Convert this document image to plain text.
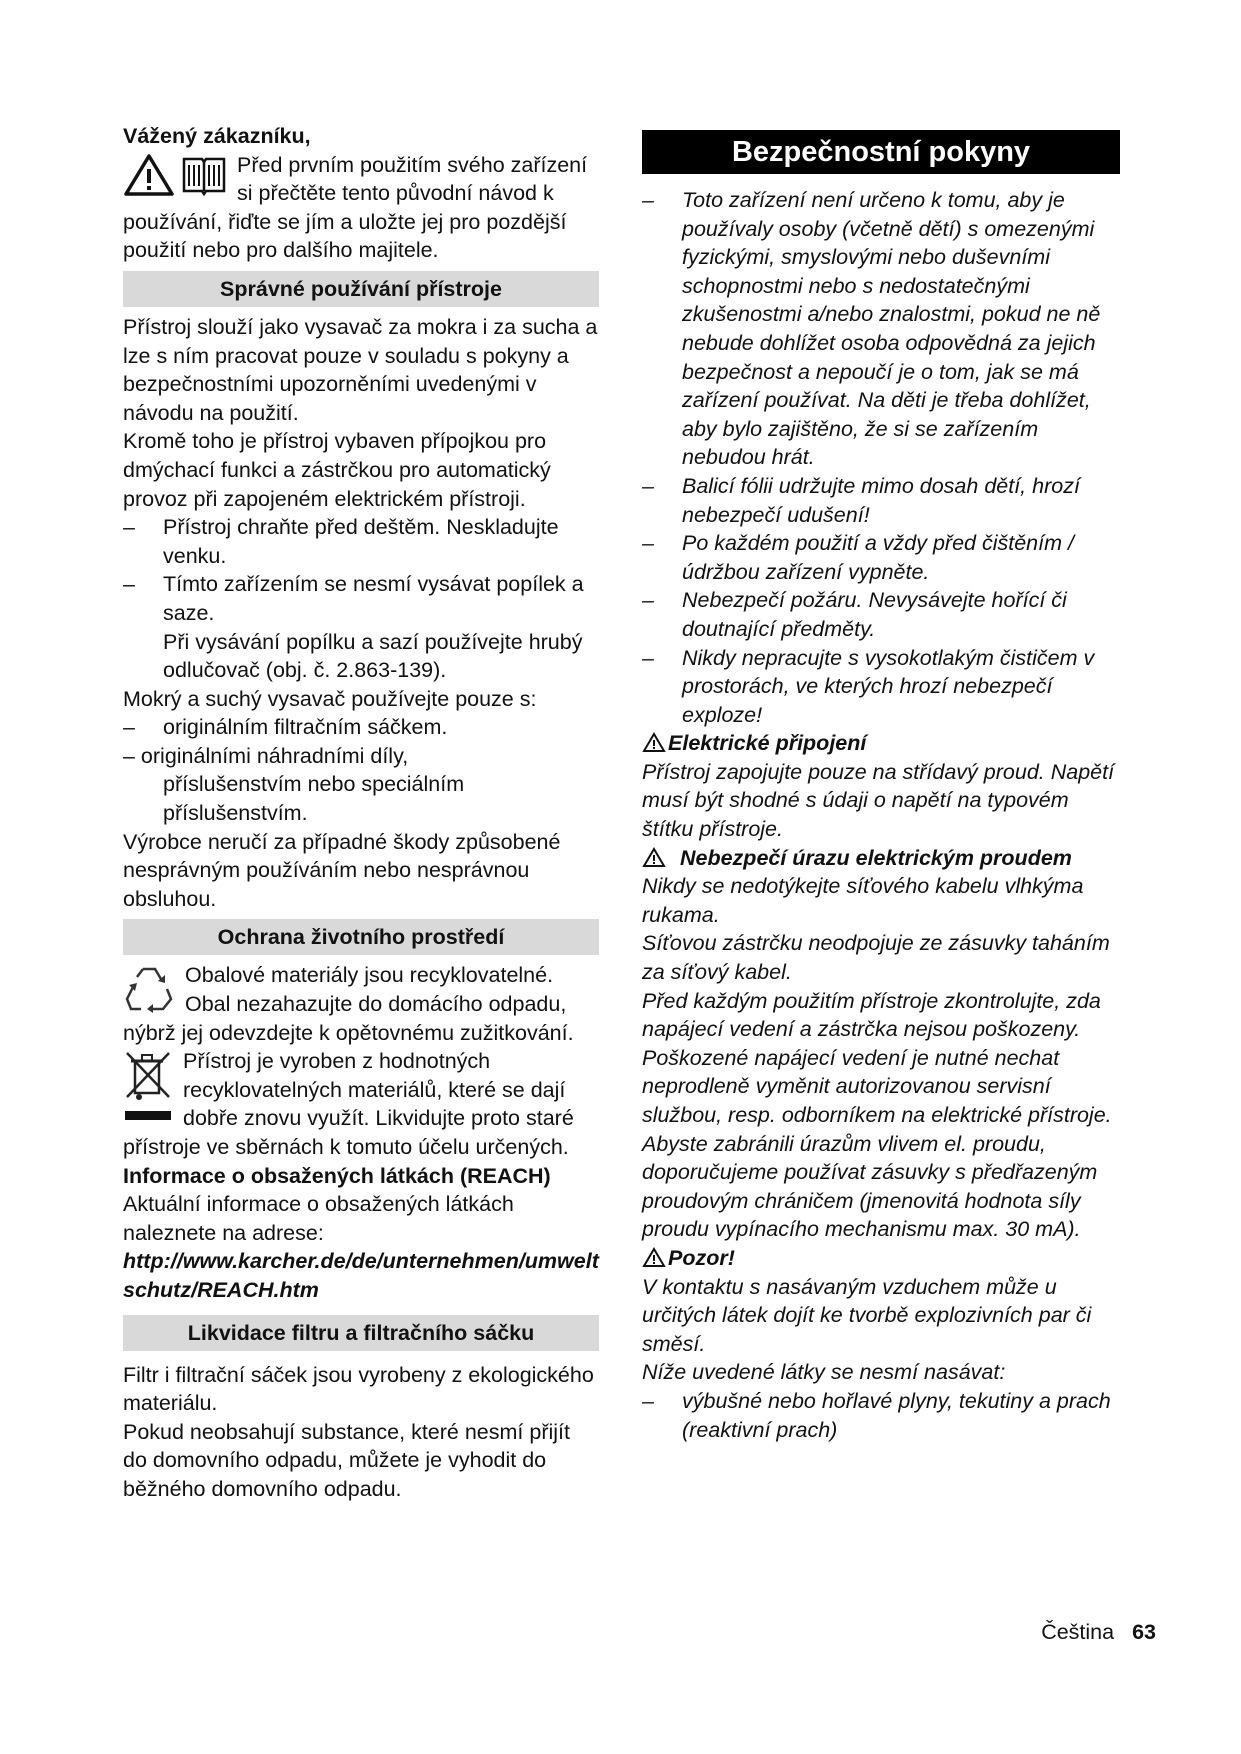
Vážený zákazníku,

Před prvním použitím svého zařízení si přečtěte tento původní návod k používání, řiďte se jím a uložte jej pro pozdější použití nebo pro dalšího majitele.
Správné používání přístroje

Přístroj slouží jako vysavač za mokra i za sucha a lze s ním pracovat pouze v souladu s pokyny a bezpečnostními upozorněními uvedenými v návodu na použití.

Kromě toho je přístroj vybaven přípojkou pro dmýchací funkci a zástrčkou pro automatický provoz při zapojeném elektrickém přístroji.

–	Přístroj chraňte před deštěm. Neskladujte venku.
–	Tímto zařízením se nesmí vysávat popílek a saze.

Při vysávání popílku a sazí používejte hrubý odlučovač (obj. č. 2.863-139).

Mokrý a suchý vysavač používejte pouze s:

–	originálním filtračním sáčkem.

– originálními náhradními díly,

příslušenstvím nebo speciálním příslušenstvím.

Výrobce neručí za případné škody způsobené nesprávným používáním nebo nesprávnou obsluhou.

Ochrana životního prostředí
Obalové materiály jsou recyklovatelné. Obal nezahazujte do domácího odpadu, nýbrž jej odevzdejte k opětovnému zužitkování.
Přístroj je vyroben z hodnotných recyklovatelných materiálů, které se dají dobře znovu využít. Likvidujte proto staré přístroje ve sběrnách k tomuto účelu určených.

Informace o obsažených látkách (REACH)

Aktuální informace o obsažených látkách naleznete na adrese:

http://www.karcher.de/de/unternehmen/umweltschutz/REACH.htm

Likvidace filtru a filtračního sáčku

Filtr i filtrační sáček jsou vyrobeny z ekologického materiálu.

Pokud neobsahují substance, které nesmí přijít do domovního odpadu, můžete je vyhodit do běžného domovního odpadu.

Bezpečnostní pokyny
–	Toto zařízení není určeno k tomu, aby je používaly osoby (včetně dětí) s omezenými fyzickými, smyslovými nebo duševními schopnostmi nebo s nedostatečnými zkušenostmi a/nebo znalostmi, pokud ne ně nebude dohlížet osoba odpovědná za jejich bezpečnost a nepoučí je o tom, jak se má zařízení používat. Na děti je třeba dohlížet, aby bylo zajištěno, že si se zařízením nebudou hrát.
–	Balicí fólii udržujte mimo dosah dětí, hrozí nebezpečí udušení!
–	Po každém použití a vždy před čištěním / údržbou zařízení vypněte.
–	Nebezpečí požáru. Nevysávejte hořící či doutnající předměty.
–	Nikdy nepracujte s vysokotlakým čističem v prostorách, ve kterých hrozí nebezpečí exploze!

Elektrické připojení

Přístroj zapojujte pouze na střídavý proud. Napětí musí být shodné s údaji o napětí na typovém štítku přístroje.

Nebezpečí úrazu elektrickým proudem

Nikdy se nedotýkejte síťového kabelu vlhkýma rukama.

Síťovou zástrčku neodpojuje ze zásuvky taháním za síťový kabel.

Před každým použitím přístroje zkontrolujte, zda napájecí vedení a zástrčka nejsou poškozeny. Poškozené napájecí vedení je nutné nechat neprodleně vyměnit autorizovanou servisní službou, resp. odborníkem na elektrické přístroje.

Abyste zabránili úrazům vlivem el. proudu, doporučujeme používat zásuvky s předřazeným proudovým chráničem (jmenovitá hodnota síly proudu vypínacího mechanismu max. 30 mA).

Pozor!

V kontaktu s nasávaným vzduchem může u určitých látek dojít ke tvorbě explozivních par či směsí.

Níže uvedené látky se nesmí nasávat:

–	výbušné nebo hořlavé plyny, tekutiny a prach (reaktivní prach)
Čeština 63
